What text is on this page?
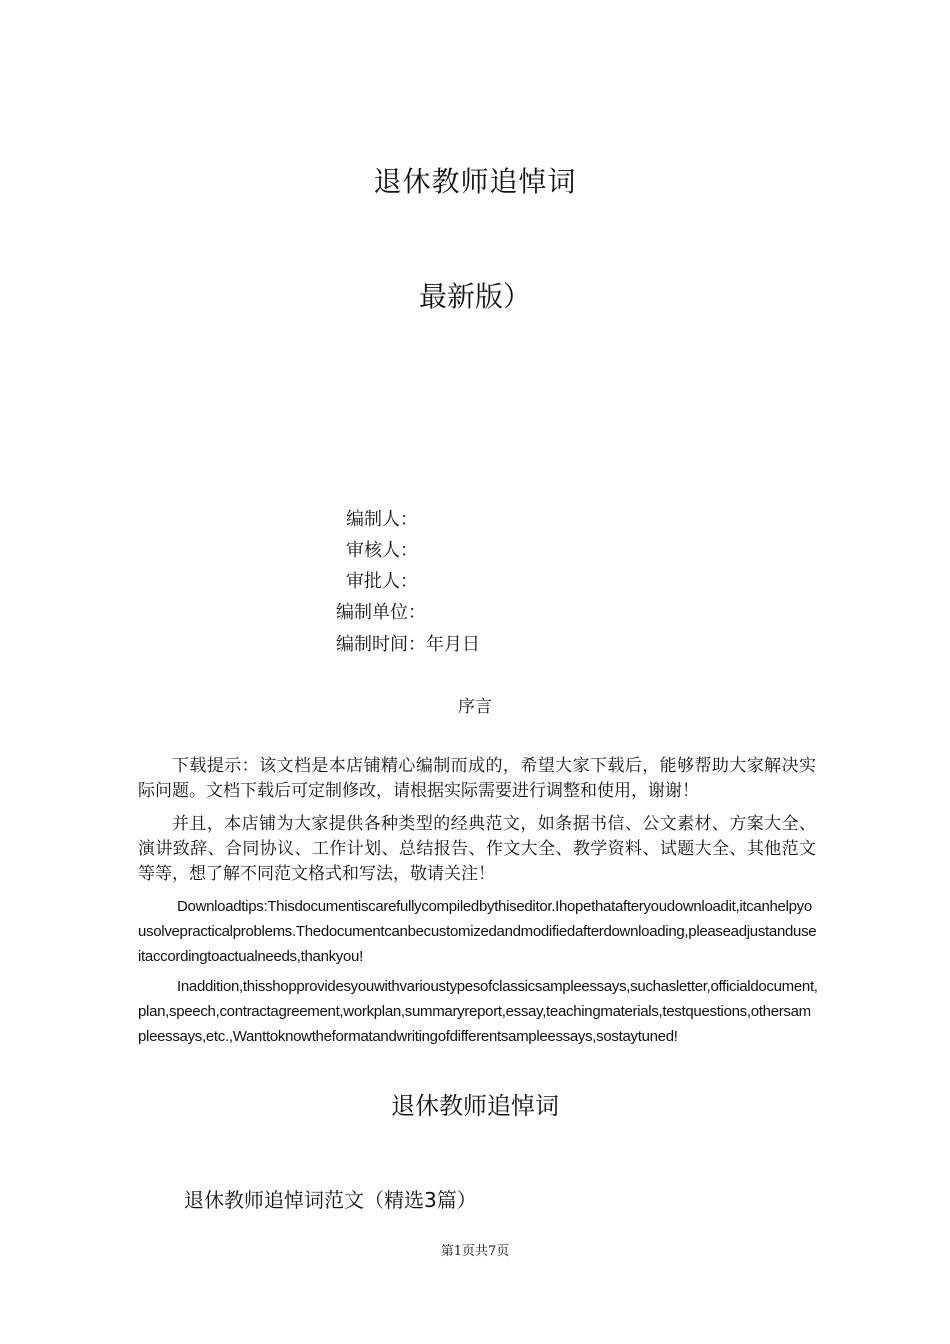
退休教师追悼词
最新版）
编制人：
审核人：
审批人：
编制单位：
编制时间：年月日
序言
下载提示：该文档是本店铺精心编制而成的，希望大家下载后，能够帮助大家解决实际问题。文档下载后可定制修改，请根据实际需要进行调整和使用，谢谢！
并且，本店铺为大家提供各种类型的经典范文，如条据书信、公文素材、方案大全、演讲致辞、合同协议、工作计划、总结报告、作文大全、教学资料、试题大全、其他范文等等，想了解不同范文格式和写法，敬请关注！
Downloadtips:Thisdocumentiscarefullycompiledbythiseditor.Ihopethatafteryoudownloadit,itcanhelpyousolvepracticalproblems.Thedocumentcanbecustomizedandmodifiedafterdownloading,pleaseadjustanduseitaccordingtoactualneeds,thankyou!
Inaddition,thisshopprovidesyouwithvarioustypesofclassicsampleessays,suchasletter,officialdocument,plan,speech,contractagreement,workplan,summaryreport,essay,teachingmaterials,testquestions,othersampleessays,etc.,Wanttoknowtheformatandwritingofdifferentsampleessays,sostaytuned!
退休教师追悼词
退休教师追悼词范文（精选3篇）
第1页共7页
